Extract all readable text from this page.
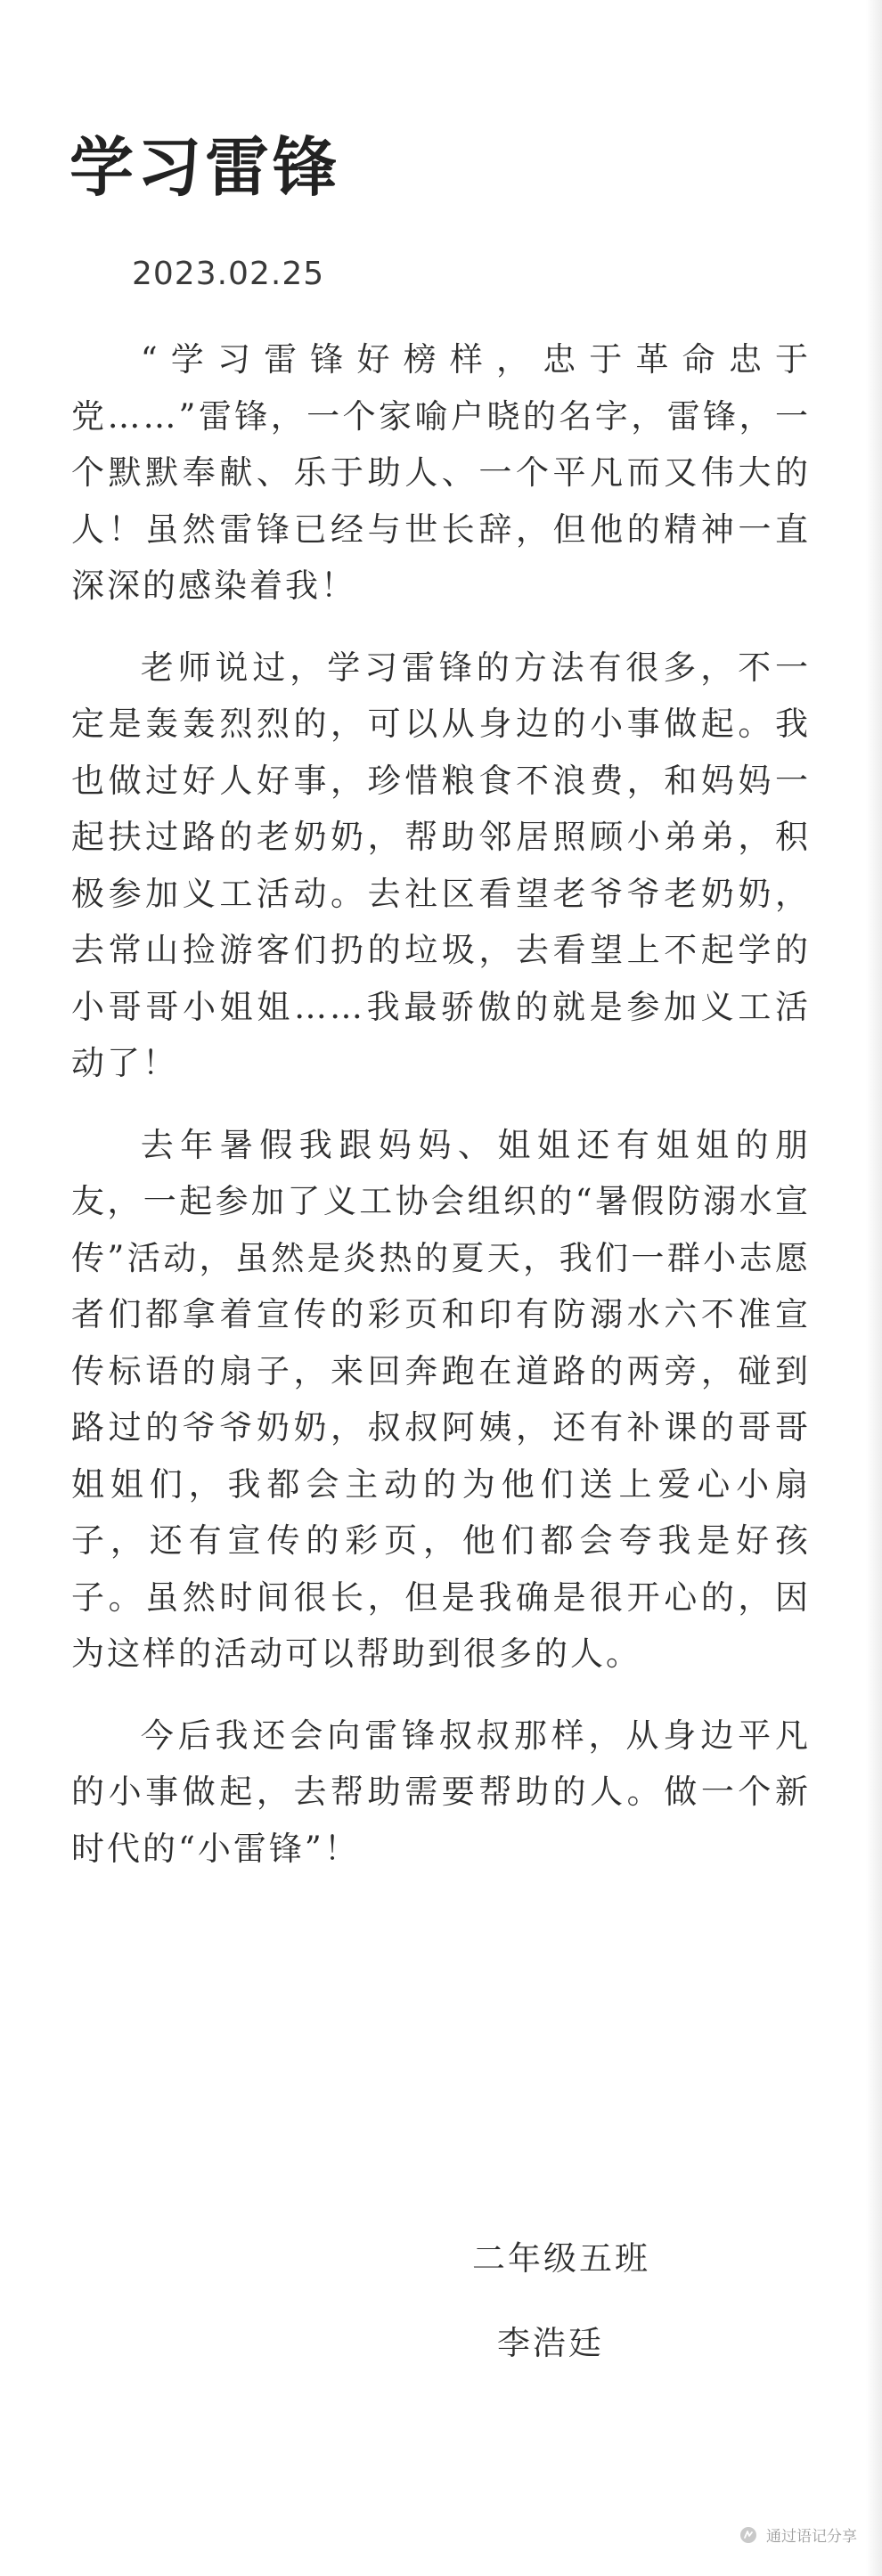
学习雷锋
2023.02.25

“学习雷锋好榜样，忠于革命忠于党……”雷锋，一个家喻户晓的名字，雷锋，一个默默奉献、乐于助人、一个平凡而又伟大的人！虽然雷锋已经与世长辞，但他的精神一直深深的感染着我！

老师说过，学习雷锋的方法有很多，不一定是轰轰烈烈的，可以从身边的小事做起。我也做过好人好事，珍惜粮食不浪费，和妈妈一起扶过路的老奶奶，帮助邻居照顾小弟弟，积极参加义工活动。去社区看望老爷爷老奶奶，去常山捡游客们扔的垃圾，去看望上不起学的小哥哥小姐姐……我最骄傲的就是参加义工活动了！

去年暑假我跟妈妈、姐姐还有姐姐的朋友，一起参加了义工协会组织的“暑假防溺水宣传”活动，虽然是炎热的夏天，我们一群小志愿者们都拿着宣传的彩页和印有防溺水六不准宣传标语的扇子，来回奔跑在道路的两旁，碰到路过的爷爷奶奶，叔叔阿姨，还有补课的哥哥姐姐们，我都会主动的为他们送上爱心小扇子，还有宣传的彩页，他们都会夸我是好孩子。虽然时间很长，但是我确是很开心的，因为这样的活动可以帮助到很多的人。

今后我还会向雷锋叔叔那样，从身边平凡的小事做起，去帮助需要帮助的人。做一个新时代的“小雷锋”！

二年级五班
李浩廷
通过语记分享
